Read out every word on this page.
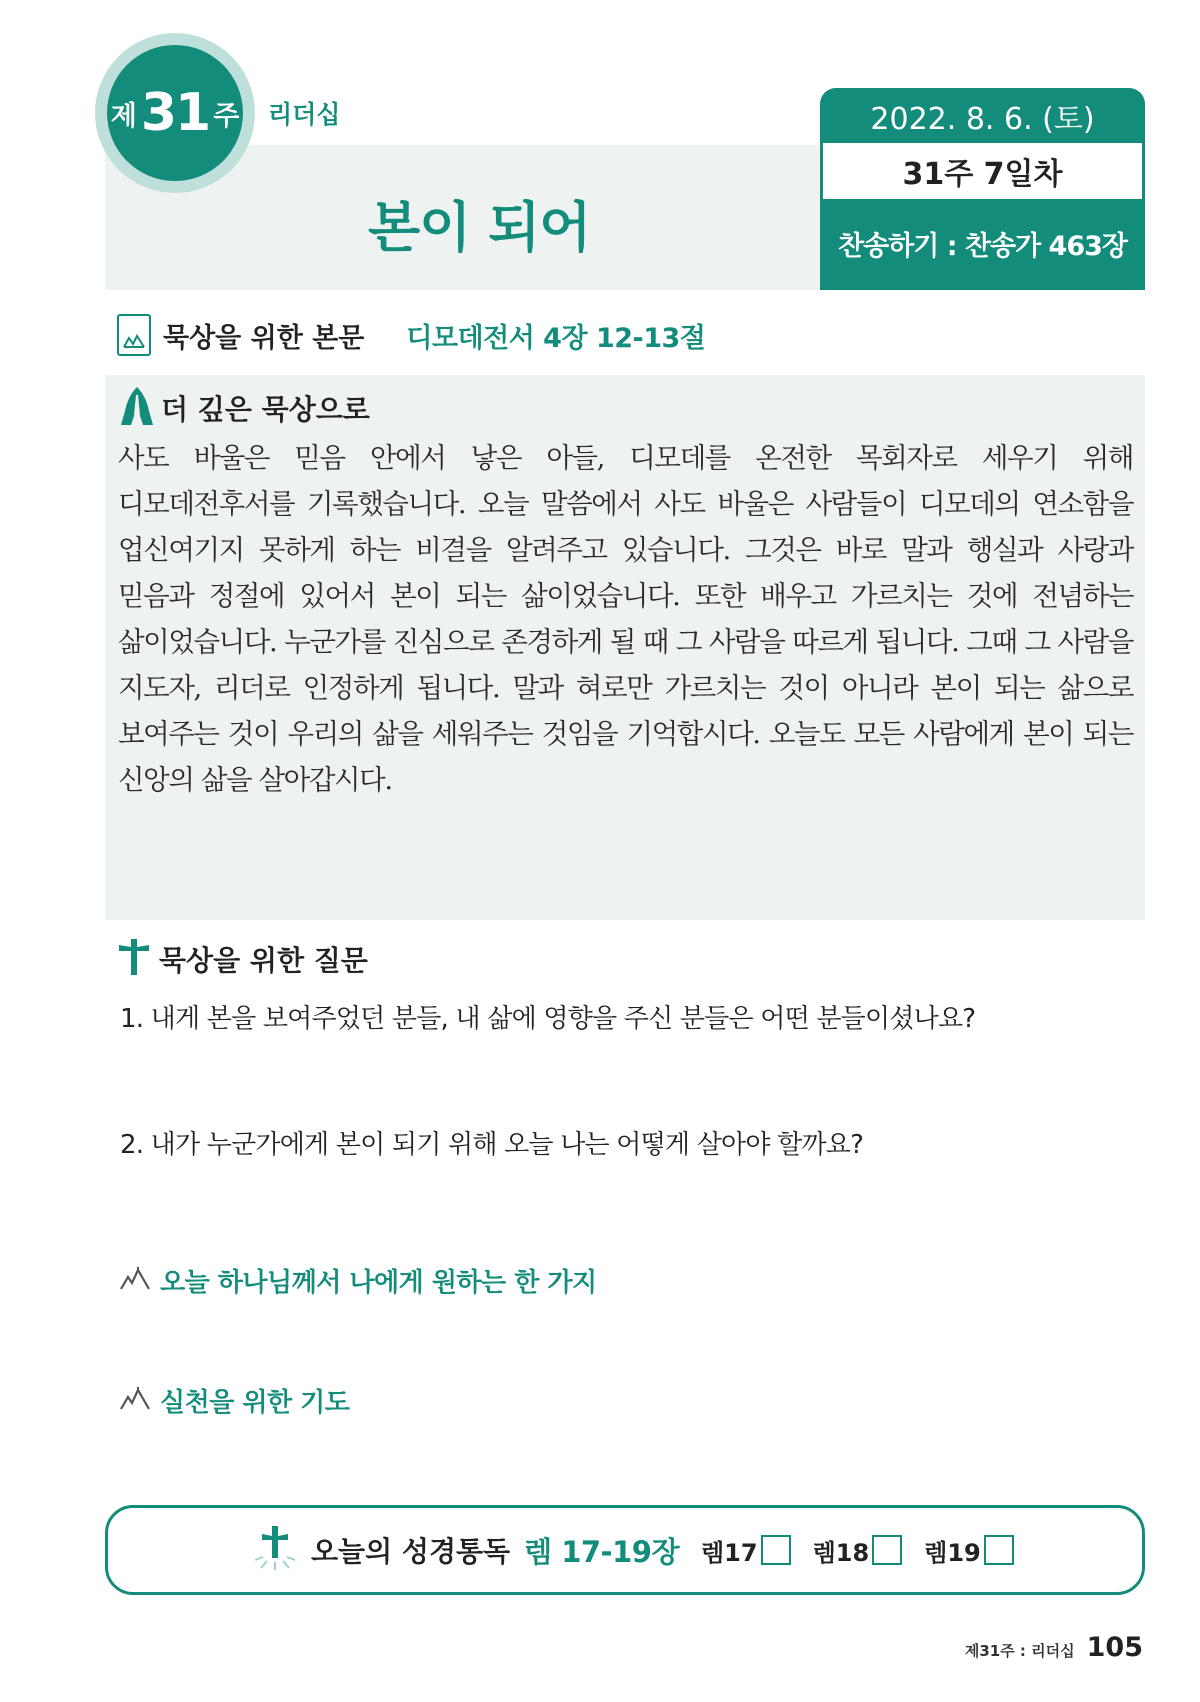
제 31 주 리더십
본이 되어
2022. 8. 6. (토)
31주 7일차
찬송하기 : 찬송가 463장
묵상을 위한 본문 디모데전서 4장 12-13절
더 깊은 묵상으로
사도 바울은 믿음 안에서 낳은 아들, 디모데를 온전한 목회자로 세우기 위해 디모데전후서를 기록했습니다. 오늘 말씀에서 사도 바울은 사람들이 디모데의 연소함을 업신여기지 못하게 하는 비결을 알려주고 있습니다. 그것은 바로 말과 행실과 사랑과 믿음과 정절에 있어서 본이 되는 삶이었습니다. 또한 배우고 가르치는 것에 전념하는 삶이었습니다. 누군가를 진심으로 존경하게 될 때 그 사람을 따르게 됩니다. 그때 그 사람을 지도자, 리더로 인정하게 됩니다. 말과 혀로만 가르치는 것이 아니라 본이 되는 삶으로 보여주는 것이 우리의 삶을 세워주는 것임을 기억합시다. 오늘도 모든 사람에게 본이 되는 신앙의 삶을 살아갑시다.
묵상을 위한 질문
1. 내게 본을 보여주었던 분들, 내 삶에 영향을 주신 분들은 어떤 분들이셨나요?
2. 내가 누군가에게 본이 되기 위해 오늘 나는 어떻게 살아야 할까요?
오늘 하나님께서 나에게 원하는 한 가지
실천을 위한 기도
오늘의 성경통독 렘 17-19장 렘17 렘18 렘19
제31주 : 리더십 105
